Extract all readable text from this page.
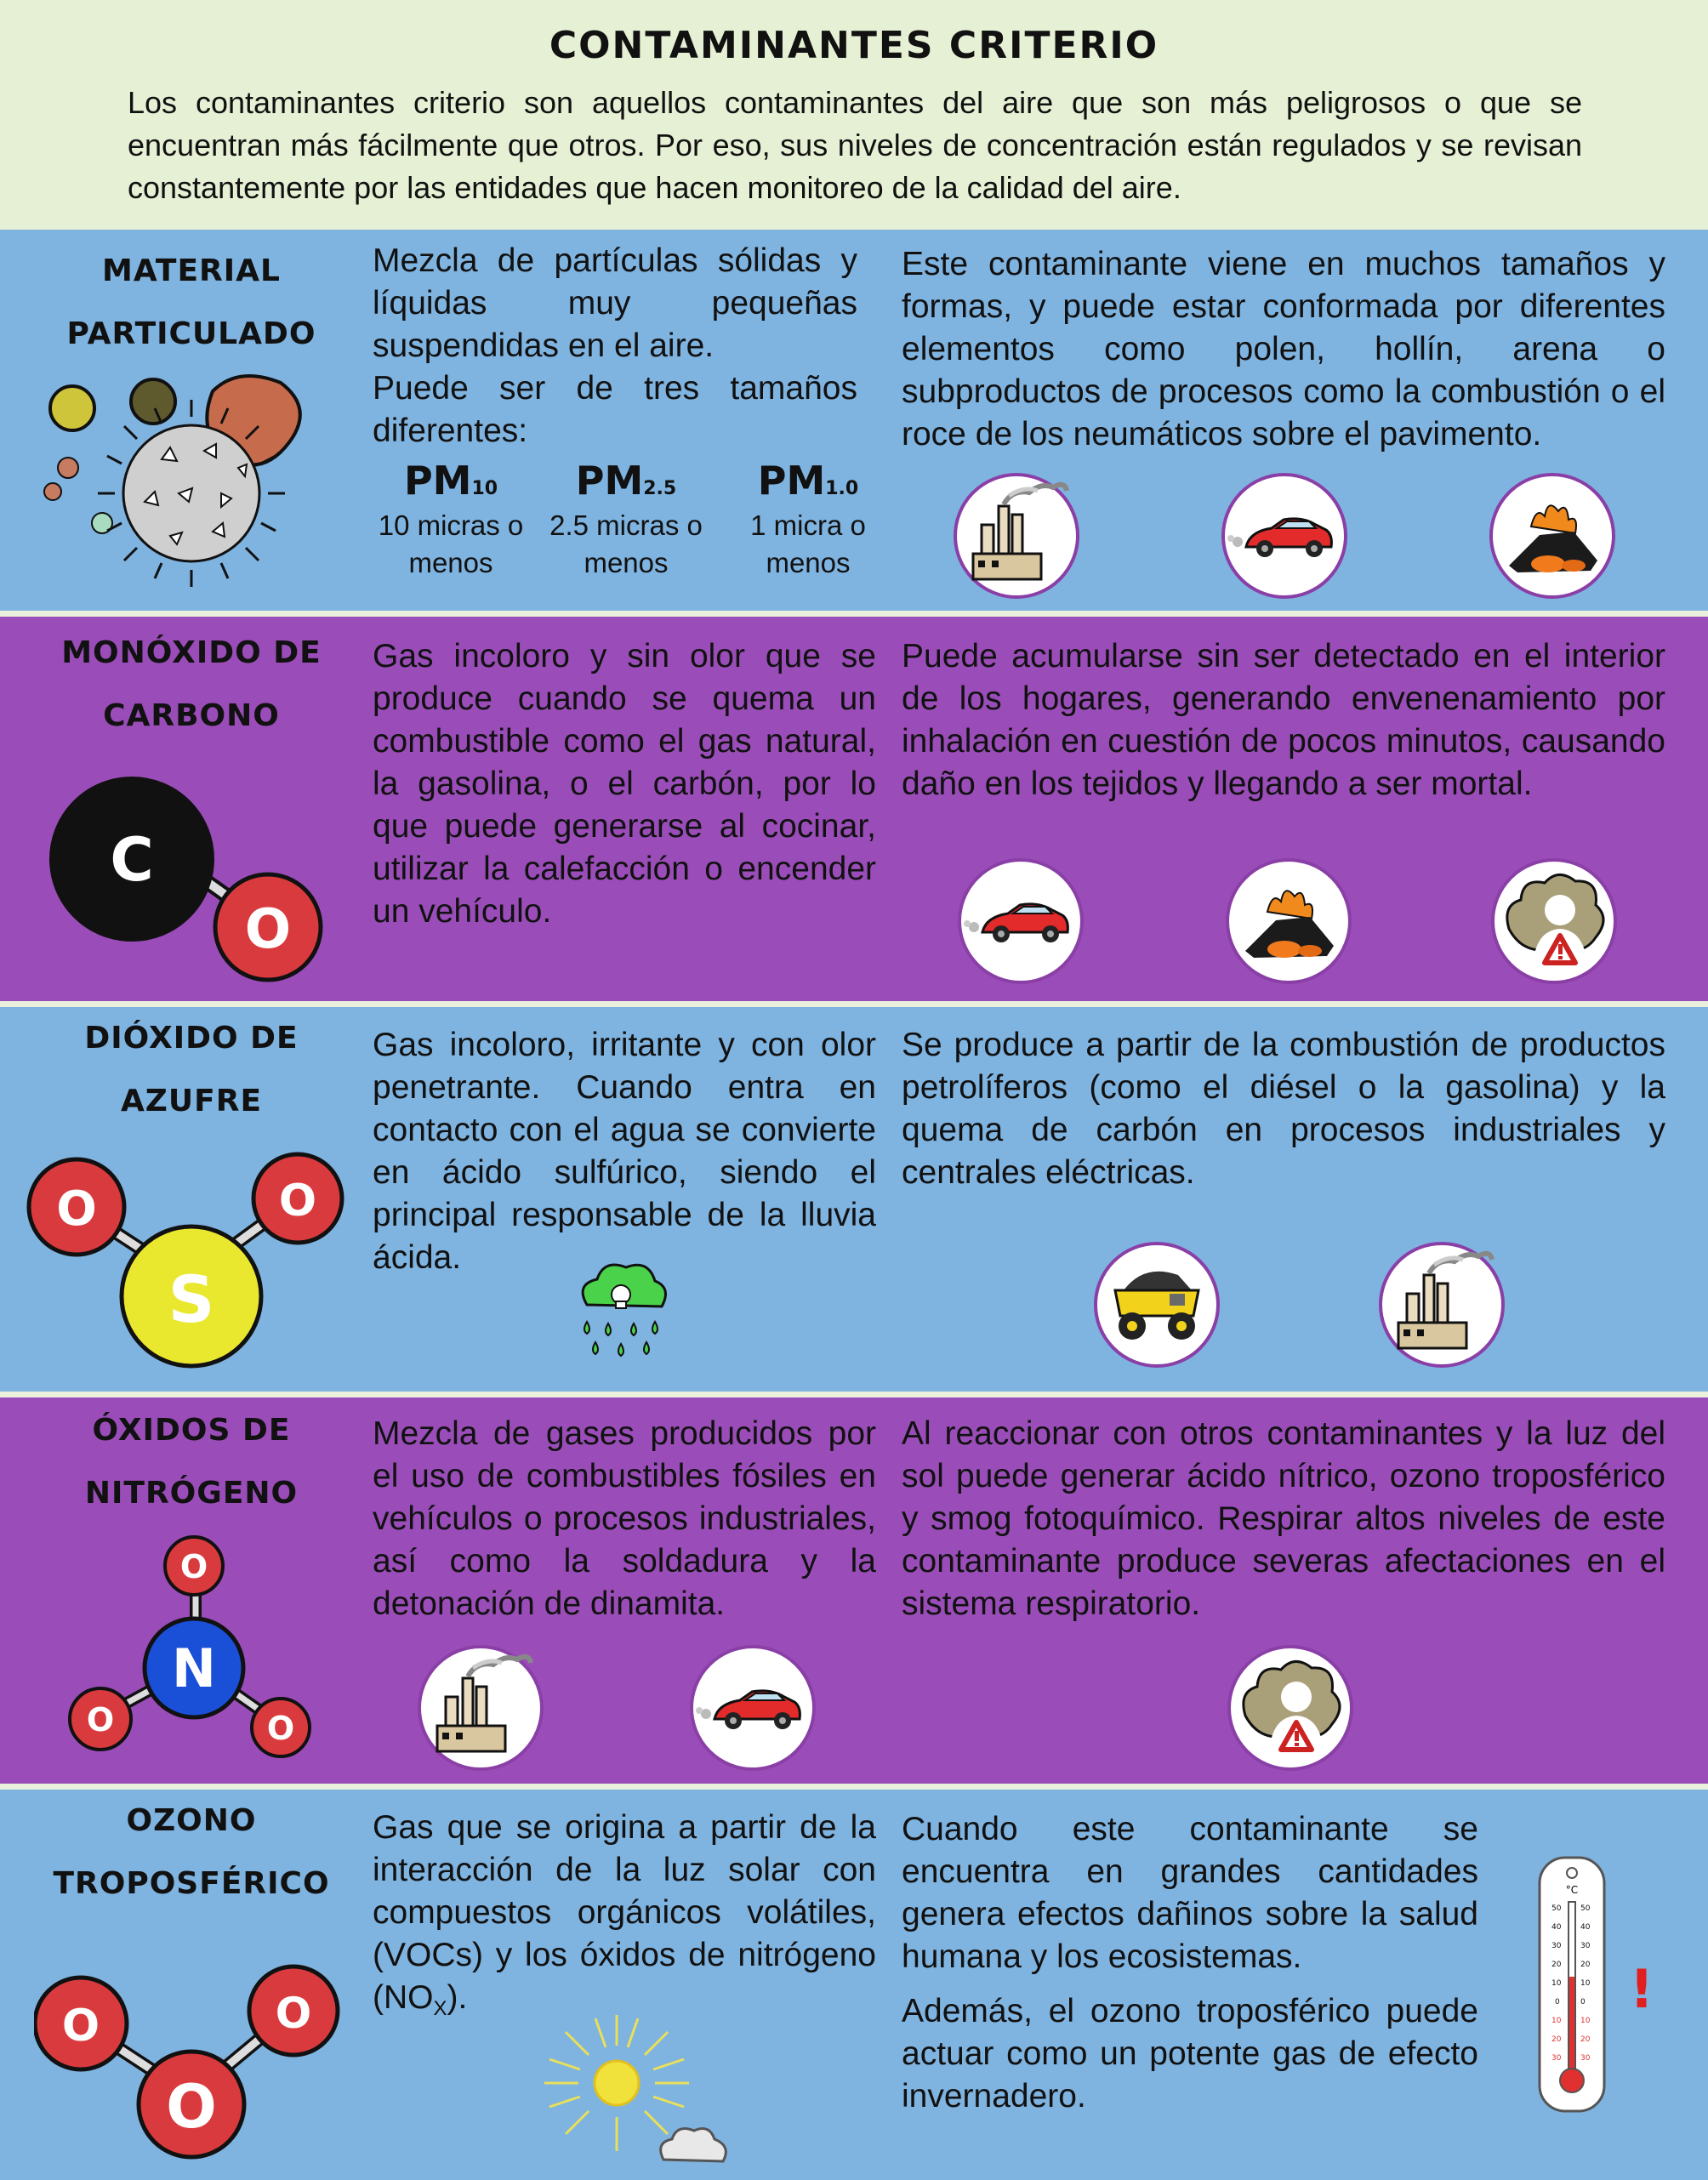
CONTAMINANTES CRITERIO
Los contaminantes criterio son aquellos contaminantes del aire que son más peligrosos o que se encuentran más fácilmente que otros. Por eso, sus niveles de concentración están regulados y se revisan constantemente por las entidades que hacen monitoreo de la calidad del aire.
MATERIAL
PARTICULADO
Mezcla de partículas sólidas y líquidas muy pequeñas suspendidas en el aire.
Puede ser de tres tamaños diferentes:
PM10
10 micras o menos
PM2.5
2.5 micras o menos
PM1.0
1 micra o menos
Este contaminante viene en muchos tamaños y formas, y puede estar conformada por diferentes elementos como polen, hollín, arena o subproductos de procesos como la combustión o el roce de los neumáticos sobre el pavimento.
MONÓXIDO DE
CARBONO
C
O
Gas incoloro y sin olor que se produce cuando se quema un combustible como el gas natural, la gasolina, o el carbón, por lo que puede generarse al cocinar, utilizar la calefacción o encender un vehículo.
Puede acumularse sin ser detectado en el interior de los hogares, generando envenenamiento por inhalación en cuestión de pocos minutos, causando daño en los tejidos y llegando a ser mortal.
DIÓXIDO DE
AZUFRE
O
S
O
Gas incoloro, irritante y con olor penetrante. Cuando entra en contacto con el agua se convierte en ácido sulfúrico, siendo el principal responsable de la lluvia ácida.
Se produce a partir de la combustión de productos petrolíferos (como el diésel o la gasolina) y la quema de carbón en procesos industriales y centrales eléctricas.
ÓXIDOS DE
NITRÓGENO
O
N
O	O
Mezcla de gases producidos por el uso de combustibles fósiles en vehículos o procesos industriales, así como la soldadura y la detonación de dinamita.
Al reaccionar con otros contaminantes y la luz del sol puede generar ácido nítrico, ozono troposférico y smog fotoquímico. Respirar altos niveles de este contaminante produce severas afectaciones en el sistema respiratorio.
OZONO
TROPOSFÉRICO
O	O
O
Gas que se origina a partir de la interacción de la luz solar con compuestos orgánicos volátiles, (VOCs) y los óxidos de nitrógeno $(NO_X)$.
Cuando este contaminante se encuentra en grandes cantidades genera efectos dañinos sobre la salud humana y los ecosistemas.
Además, el ozono troposférico puede actuar como un potente gas de efecto invernadero.
°C
50	50
40	40
30	30
20	20
10	10
0	0
10	10
20	20
30	30
!
